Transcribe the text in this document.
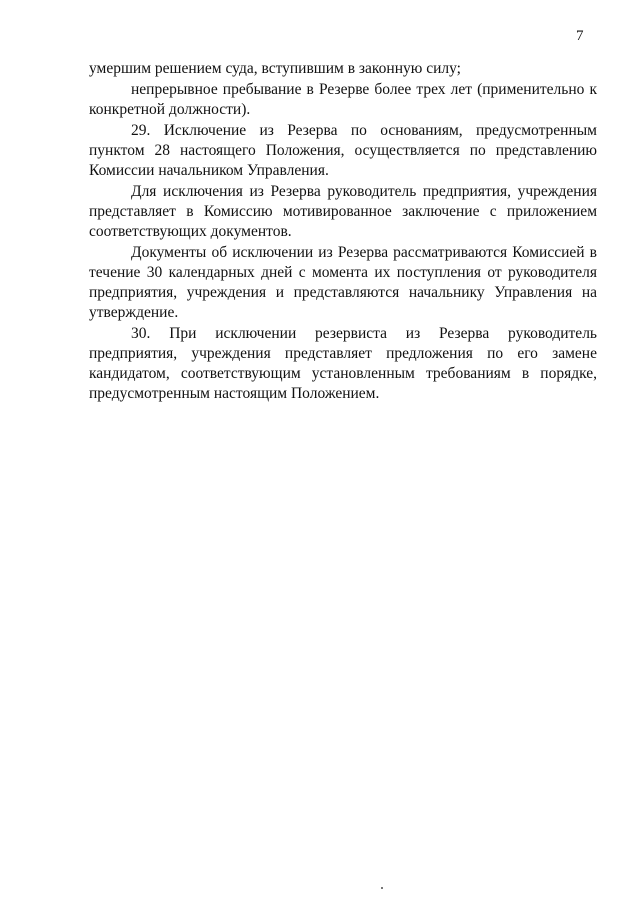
7

умершим решением суда, вступившим в законную силу;

непрерывное пребывание в Резерве более трех лет (применительно к конкретной должности).

29. Исключение из Резерва по основаниям, предусмотренным пунктом 28 настоящего Положения, осуществляется по представлению Комиссии начальником Управления.

Для исключения из Резерва руководитель предприятия, учреждения представляет в Комиссию мотивированное заключение с приложением соответствующих документов.

Документы об исключении из Резерва рассматриваются Комиссией в течение 30 календарных дней с момента их поступления от руководителя предприятия, учреждения и представляются начальнику Управления на утверждение.

30. При исключении резервиста из Резерва руководитель предприятия, учреждения представляет предложения по его замене кандидатом, соответствующим установленным требованиям в порядке, предусмотренным настоящим Положением.
